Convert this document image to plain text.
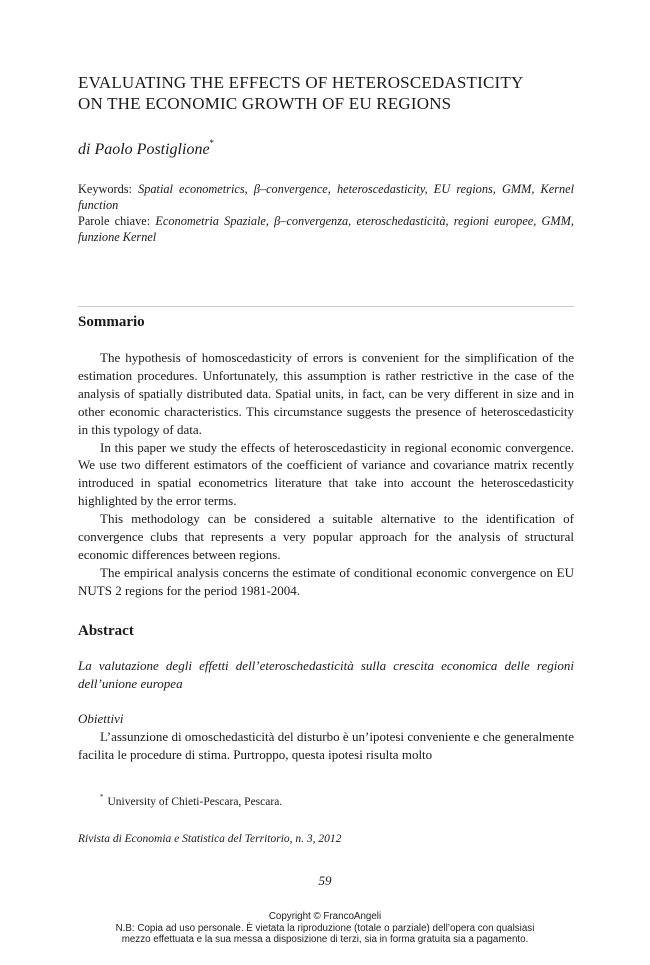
EVALUATING THE EFFECTS OF HETEROSCEDASTICITY
ON THE ECONOMIC GROWTH OF EU REGIONS
di Paolo Postiglione*
Keywords: Spatial econometrics, β–convergence, heteroscedasticity, EU regions, GMM, Kernel function
Parole chiave: Econometria Spaziale, β–convergenza, eteroschedasticità, regioni europee, GMM, funzione Kernel
Sommario

The hypothesis of homoscedasticity of errors is convenient for the simplification of the estimation procedures. Unfortunately, this assumption is rather restrictive in the case of the analysis of spatially distributed data. Spatial units, in fact, can be very different in size and in other economic characteristics. This circumstance suggests the presence of heteroscedasticity in this typology of data.

In this paper we study the effects of heteroscedasticity in regional economic convergence. We use two different estimators of the coefficient of variance and covariance matrix recently introduced in spatial econometrics literature that take into account the heteroscedasticity highlighted by the error terms.

This methodology can be considered a suitable alternative to the identification of convergence clubs that represents a very popular approach for the analysis of structural economic differences between regions.

The empirical analysis concerns the estimate of conditional economic convergence on EU NUTS 2 regions for the period 1981-2004.

Abstract
La valutazione degli effetti dell’eteroschedasticità sulla crescita economica delle regioni dell’unione europea
Obiettivi

L’assunzione di omoschedasticità del disturbo è un’ipotesi conveniente e che generalmente facilita le procedure di stima. Purtroppo, questa ipotesi risulta molto

* University of Chieti-Pescara, Pescara.
Rivista di Economia e Statistica del Territorio, n. 3, 2012
59
Copyright © FrancoAngeli
N.B: Copia ad uso personale. È vietata la riproduzione (totale o parziale) dell’opera con qualsiasi
mezzo effettuata e la sua messa a disposizione di terzi, sia in forma gratuita sia a pagamento.
